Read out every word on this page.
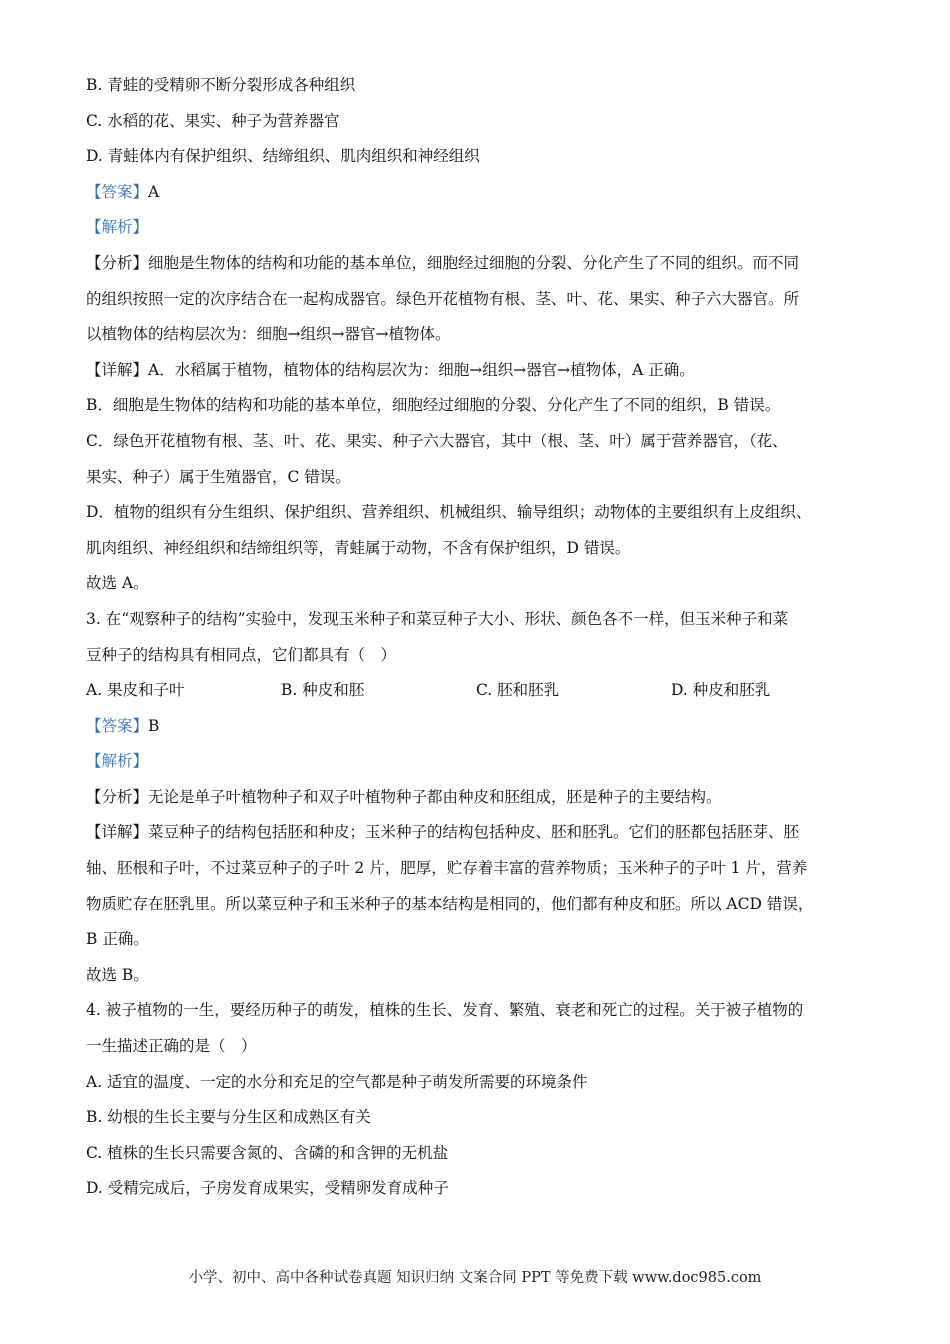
B. 青蛙的受精卵不断分裂形成各种组织
C. 水稻的花、果实、种子为营养器官
D. 青蛙体内有保护组织、结缔组织、肌肉组织和神经组织
【答案】A
【解析】
【分析】细胞是生物体的结构和功能的基本单位，细胞经过细胞的分裂、分化产生了不同的组织。而不同
的组织按照一定的次序结合在一起构成器官。绿色开花植物有根、茎、叶、花、果实、种子六大器官。所
以植物体的结构层次为：细胞→组织→器官→植物体。
【详解】A．水稻属于植物，植物体的结构层次为：细胞→组织→器官→植物体，A 正确。
B．细胞是生物体的结构和功能的基本单位，细胞经过细胞的分裂、分化产生了不同的组织，B 错误。
C．绿色开花植物有根、茎、叶、花、果实、种子六大器官，其中（根、茎、叶）属于营养器官，（花、
果实、种子）属于生殖器官，C 错误。
D．植物的组织有分生组织、保护组织、营养组织、机械组织、输导组织；动物体的主要组织有上皮组织、
肌肉组织、神经组织和结缔组织等，青蛙属于动物，不含有保护组织，D 错误。
故选 A。
3. 在“观察种子的结构”实验中，发现玉米种子和菜豆种子大小、形状、颜色各不一样，但玉米种子和菜
豆种子的结构具有相同点，它们都具有（　）
A. 果皮和子叶	B. 种皮和胚	C. 胚和胚乳	D. 种皮和胚乳
【答案】B
【解析】
【分析】无论是单子叶植物种子和双子叶植物种子都由种皮和胚组成，胚是种子的主要结构。
【详解】菜豆种子的结构包括胚和种皮；玉米种子的结构包括种皮、胚和胚乳。它们的胚都包括胚芽、胚
轴、胚根和子叶，不过菜豆种子的子叶 2 片，肥厚，贮存着丰富的营养物质；玉米种子的子叶 1 片，营养
物质贮存在胚乳里。所以菜豆种子和玉米种子的基本结构是相同的，他们都有种皮和胚。所以 ACD 错误，
B 正确。
故选 B。
4. 被子植物的一生，要经历种子的萌发，植株的生长、发育、繁殖、衰老和死亡的过程。关于被子植物的
一生描述正确的是（　）
A. 适宜的温度、一定的水分和充足的空气都是种子萌发所需要的环境条件
B. 幼根的生长主要与分生区和成熟区有关
C. 植株的生长只需要含氮的、含磷的和含钾的无机盐
D. 受精完成后，子房发育成果实，受精卵发育成种子
小学、初中、高中各种试卷真题 知识归纳 文案合同 PPT 等免费下载 www.doc985.com
